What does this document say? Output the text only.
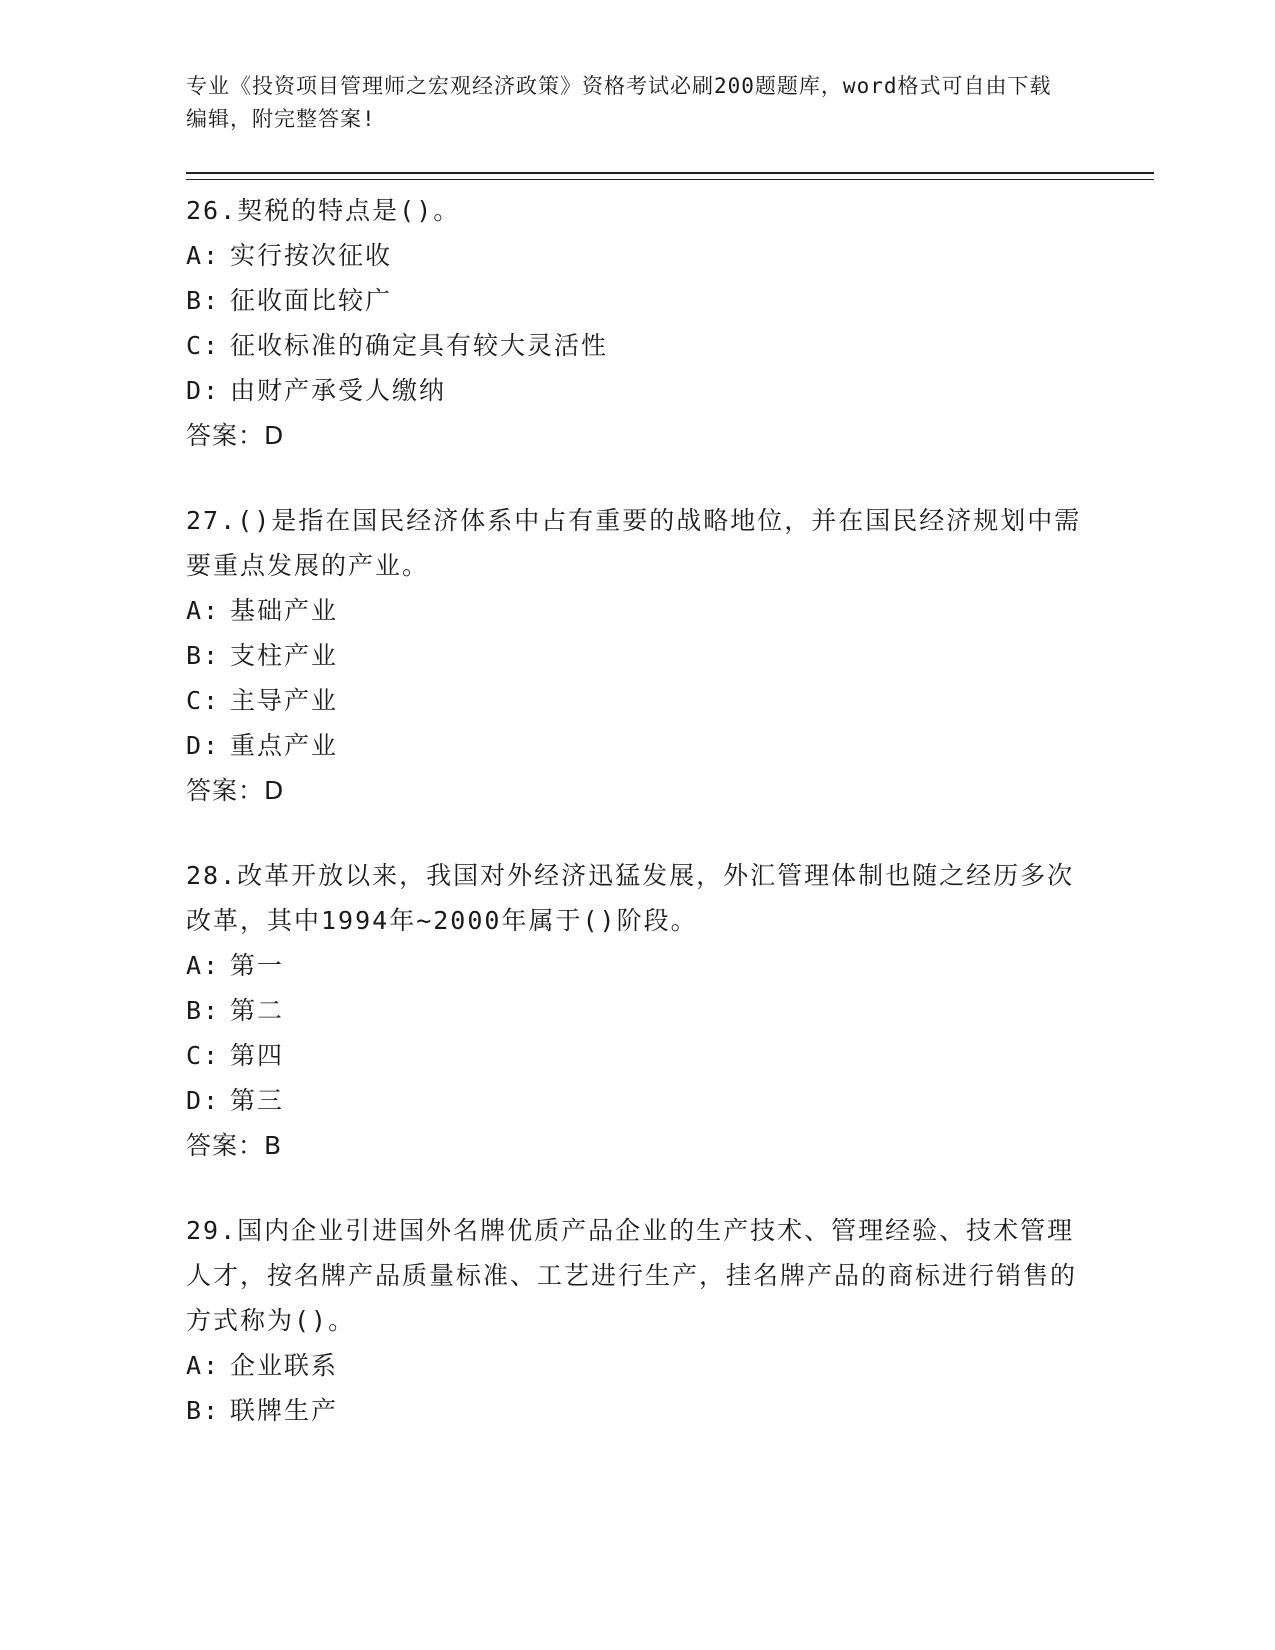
专业《投资项目管理师之宏观经济政策》资格考试必刷200题题库，word格式可自由下载编辑，附完整答案!
26.契税的特点是()。
A: 实行按次征收
B: 征收面比较广
C: 征收标准的确定具有较大灵活性
D: 由财产承受人缴纳
答案：D
27.()是指在国民经济体系中占有重要的战略地位，并在国民经济规划中需要重点发展的产业。
A: 基础产业
B: 支柱产业
C: 主导产业
D: 重点产业
答案：D
28.改革开放以来，我国对外经济迅猛发展，外汇管理体制也随之经历多次改革，其中1994年~2000年属于()阶段。
A: 第一
B: 第二
C: 第四
D: 第三
答案：B
29.国内企业引进国外名牌优质产品企业的生产技术、管理经验、技术管理人才，按名牌产品质量标准、工艺进行生产，挂名牌产品的商标进行销售的方式称为()。
A: 企业联系
B: 联牌生产
